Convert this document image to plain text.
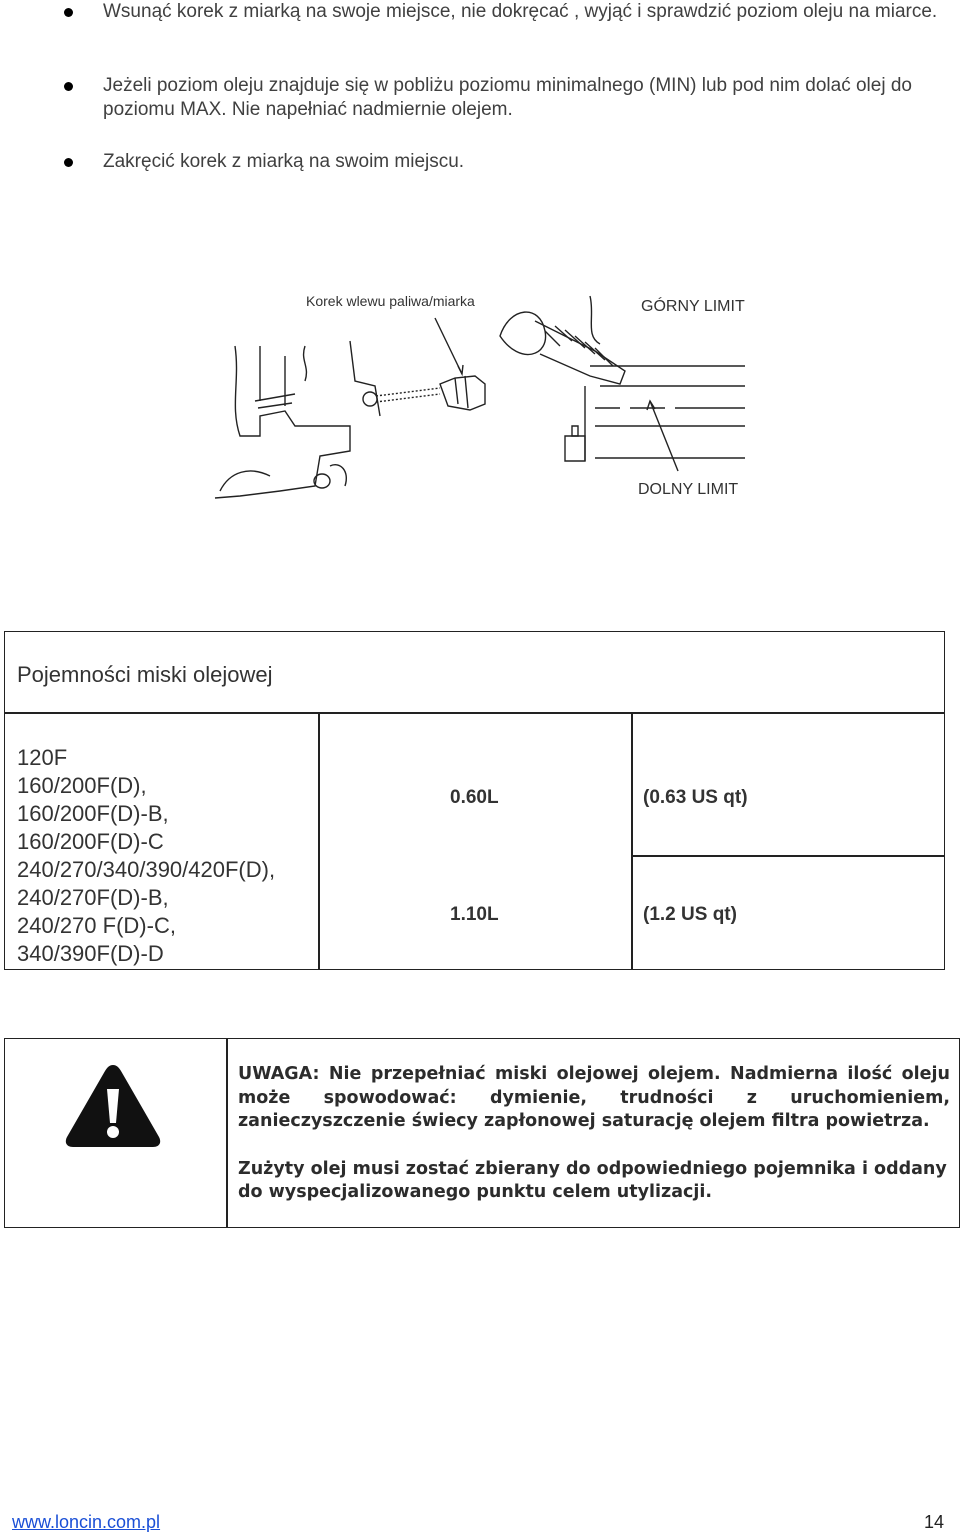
Wsunąć korek z miarką na swoje miejsce, nie dokręcać , wyjąć i sprawdzić poziom oleju na miarce.
Jeżeli poziom oleju znajduje się w pobliżu poziomu minimalnego (MIN) lub pod nim dolać olej do poziomu MAX. Nie napełniać nadmiernie olejem.
Zakręcić korek z miarką na swoim miejscu.
Korek wlewu paliwa/miarka	GÓRNY LIMIT
DOLNY LIMIT
Pojemności miski olejowej
120F
160/200F(D),
160/200F(D)-B,
160/200F(D)-C
240/270/340/390/420F(D),
240/270F(D)-B,
240/270 F(D)-C,
340/390F(D)-D
0.60L	(0.63 US qt)
1.10L	(1.2 US qt)

UWAGA: Nie przepełniać miski olejowej olejem. Nadmierna ilość oleju może spowodować: dymienie, trudności z uruchomieniem, zanieczyszczenie świecy zapłonowej saturację olejem filtra powietrza.

Zużyty olej musi zostać zbierany do odpowiedniego pojemnika i oddany do wyspecjalizowanego punktu celem utylizacji.

www.loncin.com.pl	14
